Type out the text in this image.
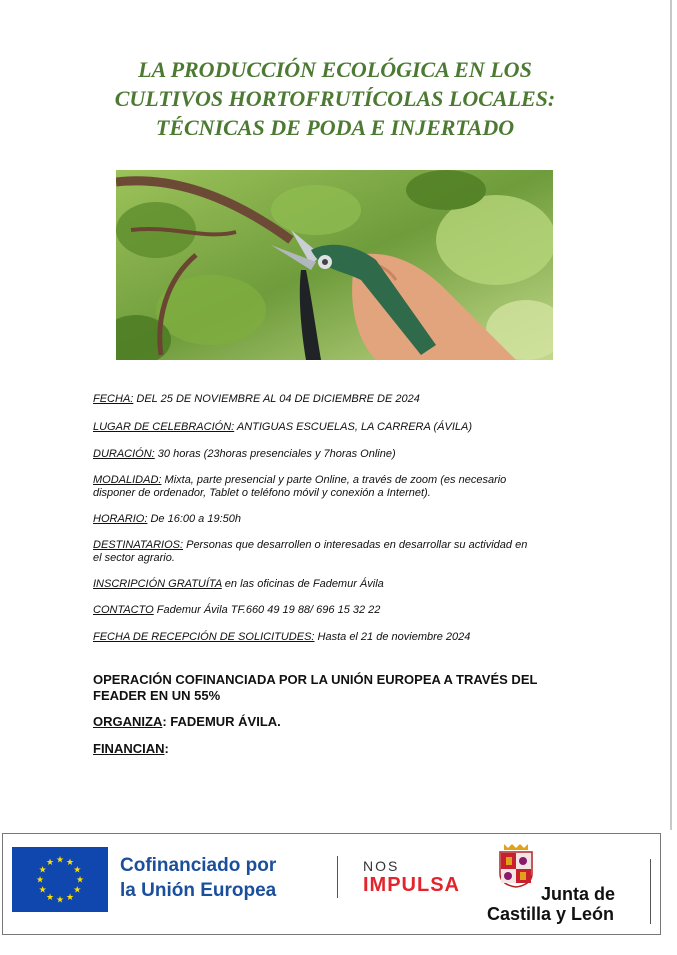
LA PRODUCCIÓN ECOLÓGICA EN LOS
CULTIVOS HORTOFRUTÍCOLAS LOCALES:
TÉCNICAS DE PODA E INJERTADO
FECHA: DEL 25 DE NOVIEMBRE AL 04 DE DICIEMBRE DE 2024
LUGAR DE CELEBRACIÓN: ANTIGUAS ESCUELAS, LA CARRERA (ÁVILA)
DURACIÓN: 30 horas (23horas presenciales y 7horas Online)
MODALIDAD: Mixta, parte presencial y parte Online, a través de zoom (es necesario
disponer de ordenador, Tablet o teléfono móvil y conexión a Internet).
HORARIO: De 16:00 a 19:50h
DESTINATARIOS: Personas que desarrollen o interesadas en desarrollar su actividad en
el sector agrario.
INSCRIPCIÓN GRATUÍTA en las oficinas de Fademur Ávila
CONTACTO Fademur Ávila TF.660 49 19 88/ 696 15 32 22
FECHA DE RECEPCIÓN DE SOLICITUDES: Hasta el 21 de noviembre 2024
OPERACIÓN COFINANCIADA POR LA UNIÓN EUROPEA A TRAVÉS DEL
FEADER EN UN 55%
ORGANIZA: FADEMUR ÁVILA.
FINANCIAN:
★ ★
★
★
★
★
★
★
★
★
★
★	Cofinanciado por
la Unión Europea
NOS
IMPULSA	Junta de
Castilla y León
